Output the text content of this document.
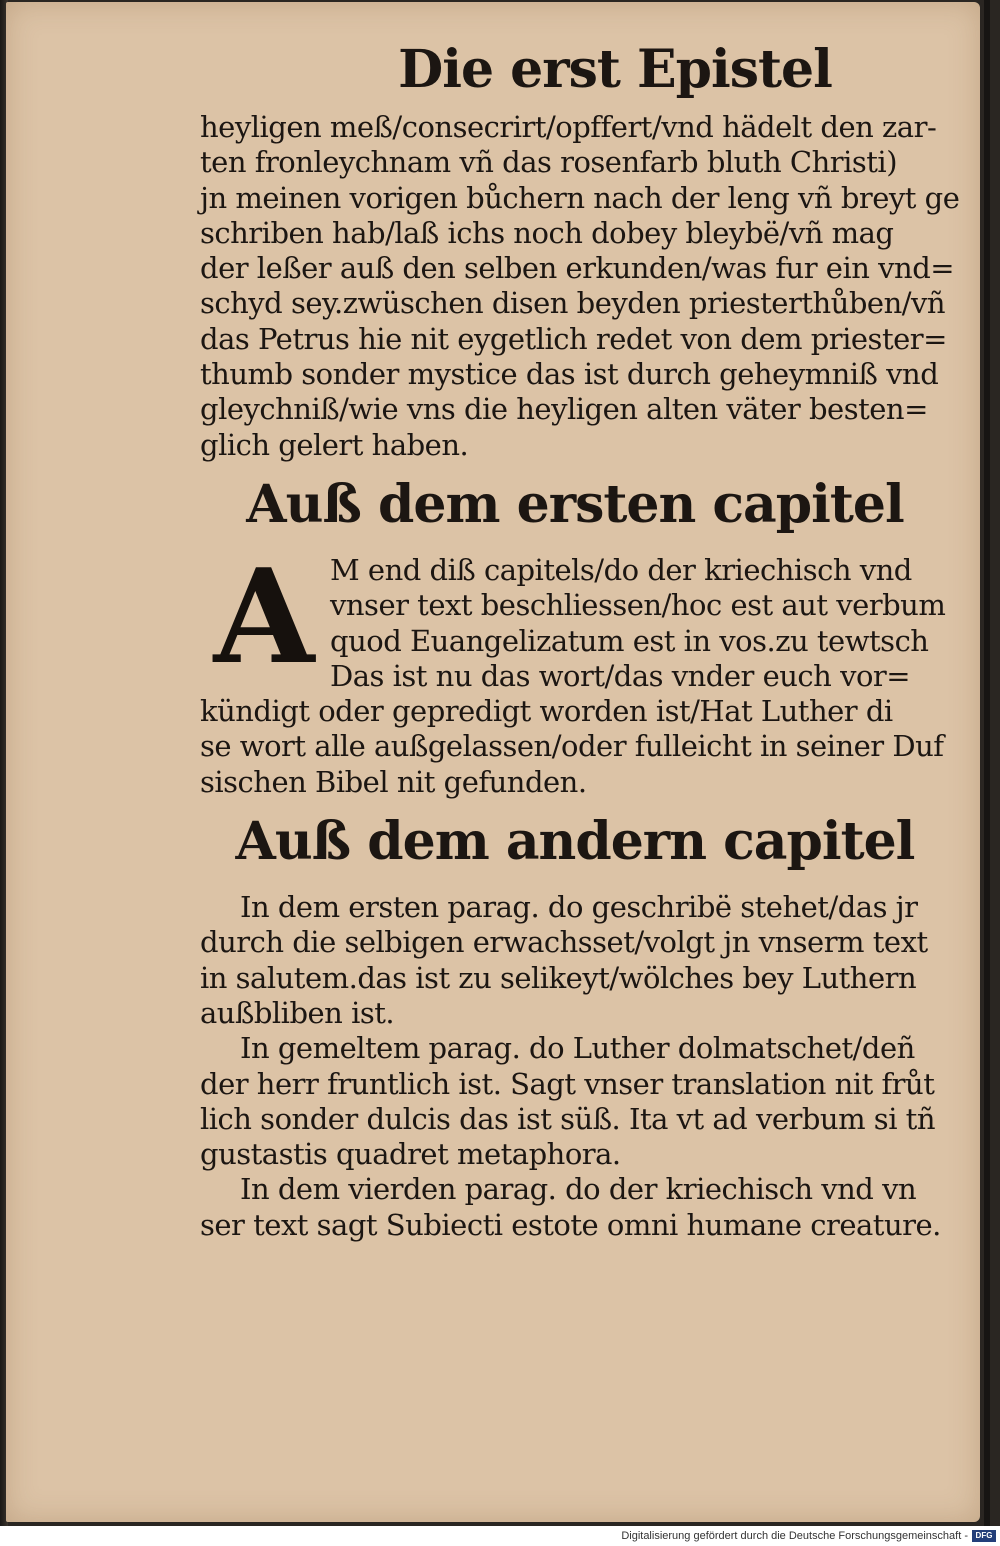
Die erst Epistel

heyligen meß/consecrirt/opffert/vnd hädelt den zar-

ten fronleychnam vñ das rosenfarb bluth Christi)

jn meinen vorigen bůchern nach der leng vñ breyt ge

schriben hab/laß ichs noch dobey bleybë/vñ mag

der leßer auß den selben erkunden/was fur ein vnd=

schyd sey.zwüschen disen beyden priesterthůben/vñ

das Petrus hie nit eygetlich redet von dem priester=

thumb sonder mystice das ist durch geheymniß vnd

gleychniß/wie vns die heyligen alten väter besten=

glich gelert haben.

Auß dem ersten capitel

A M end diß capitels/do der kriechisch vnd

vnser text beschliessen/hoc est aut verbum

quod Euangelizatum est in vos.zu tewtsch

Das ist nu das wort/das vnder euch vor=

kündigt oder gepredigt worden ist/Hat Luther di

se wort alle außgelassen/oder fulleicht in seiner Duf

sischen Bibel nit gefunden.

Auß dem andern capitel

In dem ersten parag. do geschribë stehet/das jr

durch die selbigen erwachsset/volgt jn vnserm text

in salutem.das ist zu selikeyt/wölches bey Luthern

außbliben ist.

In gemeltem parag. do Luther dolmatschet/deñ

der herr fruntlich ist. Sagt vnser translation nit frůt

lich sonder dulcis das ist süß. Ita vt ad verbum si tñ

gustastis quadret metaphora.

In dem vierden parag. do der kriechisch vnd vn

ser text sagt Subiecti estote omni humane creature.

Digitalisierung gefördert durch die Deutsche Forschungsgemeinschaft - DFG
